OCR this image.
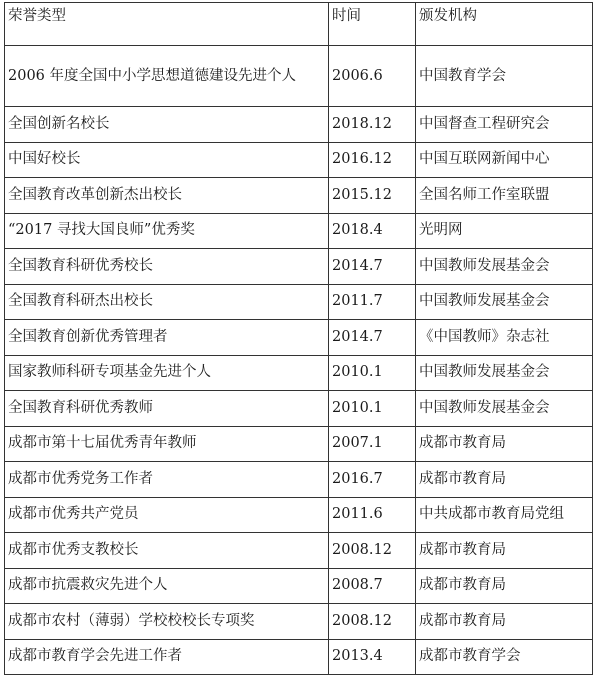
荣誉类型	时间	颁发机构
2006 年度全国中小学思想道德建设先进个人	2006.6	中国教育学会
全国创新名校长	2018.12	中国督查工程研究会
中国好校长	2016.12	中国互联网新闻中心
全国教育改革创新杰出校长	2015.12	全国名师工作室联盟
“2017 寻找大国良师”优秀奖	2018.4	光明网
全国教育科研优秀校长	2014.7	中国教师发展基金会
全国教育科研杰出校长	2011.7	中国教师发展基金会
全国教育创新优秀管理者	2014.7	《中国教师》杂志社
国家教师科研专项基金先进个人	2010.1	中国教师发展基金会
全国教育科研优秀教师	2010.1	中国教师发展基金会
成都市第十七届优秀青年教师	2007.1	成都市教育局
成都市优秀党务工作者	2016.7	成都市教育局
成都市优秀共产党员	2011.6	中共成都市教育局党组
成都市优秀支教校长	2008.12	成都市教育局
成都市抗震救灾先进个人	2008.7	成都市教育局
成都市农村（薄弱）学校校校长专项奖	2008.12	成都市教育局
成都市教育学会先进工作者	2013.4	成都市教育学会
